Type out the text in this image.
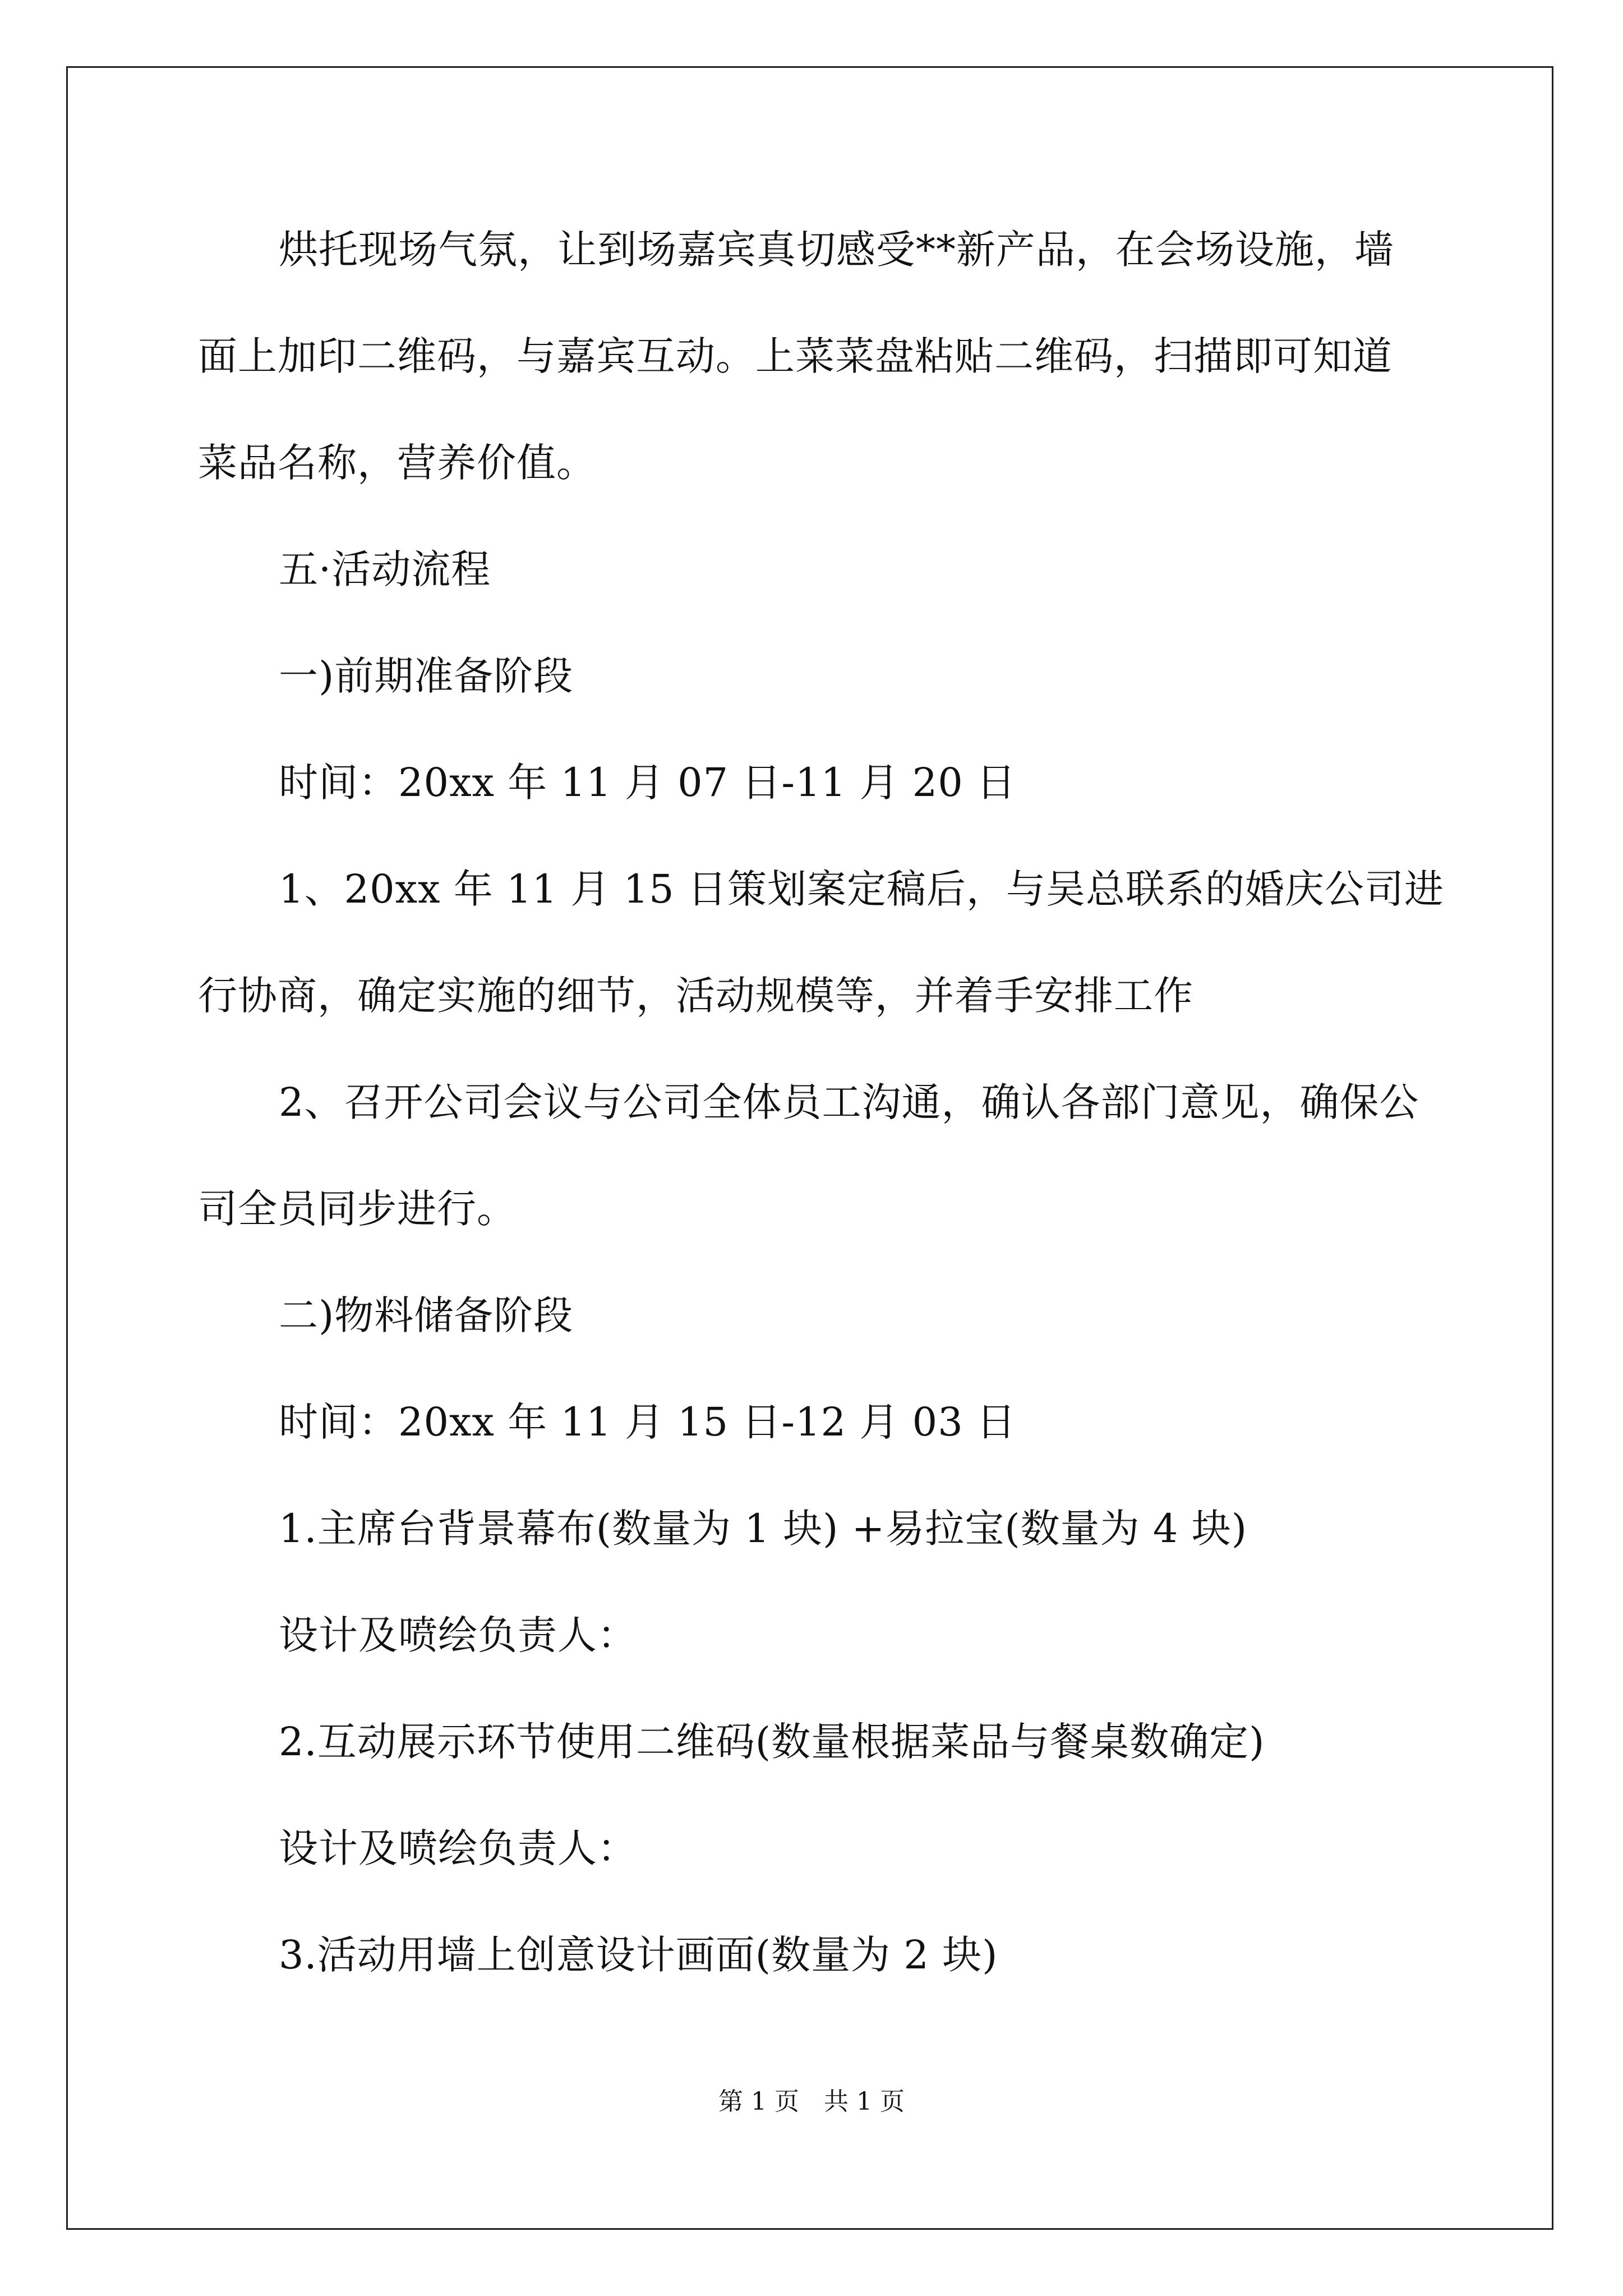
烘托现场气氛，让到场嘉宾真切感受**新产品，在会场设施，墙
面上加印二维码，与嘉宾互动。上菜菜盘粘贴二维码，扫描即可知道
菜品名称，营养价值。
五·活动流程
一)前期准备阶段
时间：20xx 年 11 月 07 日-11 月 20 日
1、20xx 年 11 月 15 日策划案定稿后，与吴总联系的婚庆公司进
行协商，确定实施的细节，活动规模等，并着手安排工作
2、召开公司会议与公司全体员工沟通，确认各部门意见，确保公
司全员同步进行。
二)物料储备阶段
时间：20xx 年 11 月 15 日-12 月 03 日
1.主席台背景幕布(数量为 1 块) +易拉宝(数量为 4 块)
设计及喷绘负责人：
2.互动展示环节使用二维码(数量根据菜品与餐桌数确定)
设计及喷绘负责人：
3.活动用墙上创意设计画面(数量为 2 块)
第 1 页　共 1 页
